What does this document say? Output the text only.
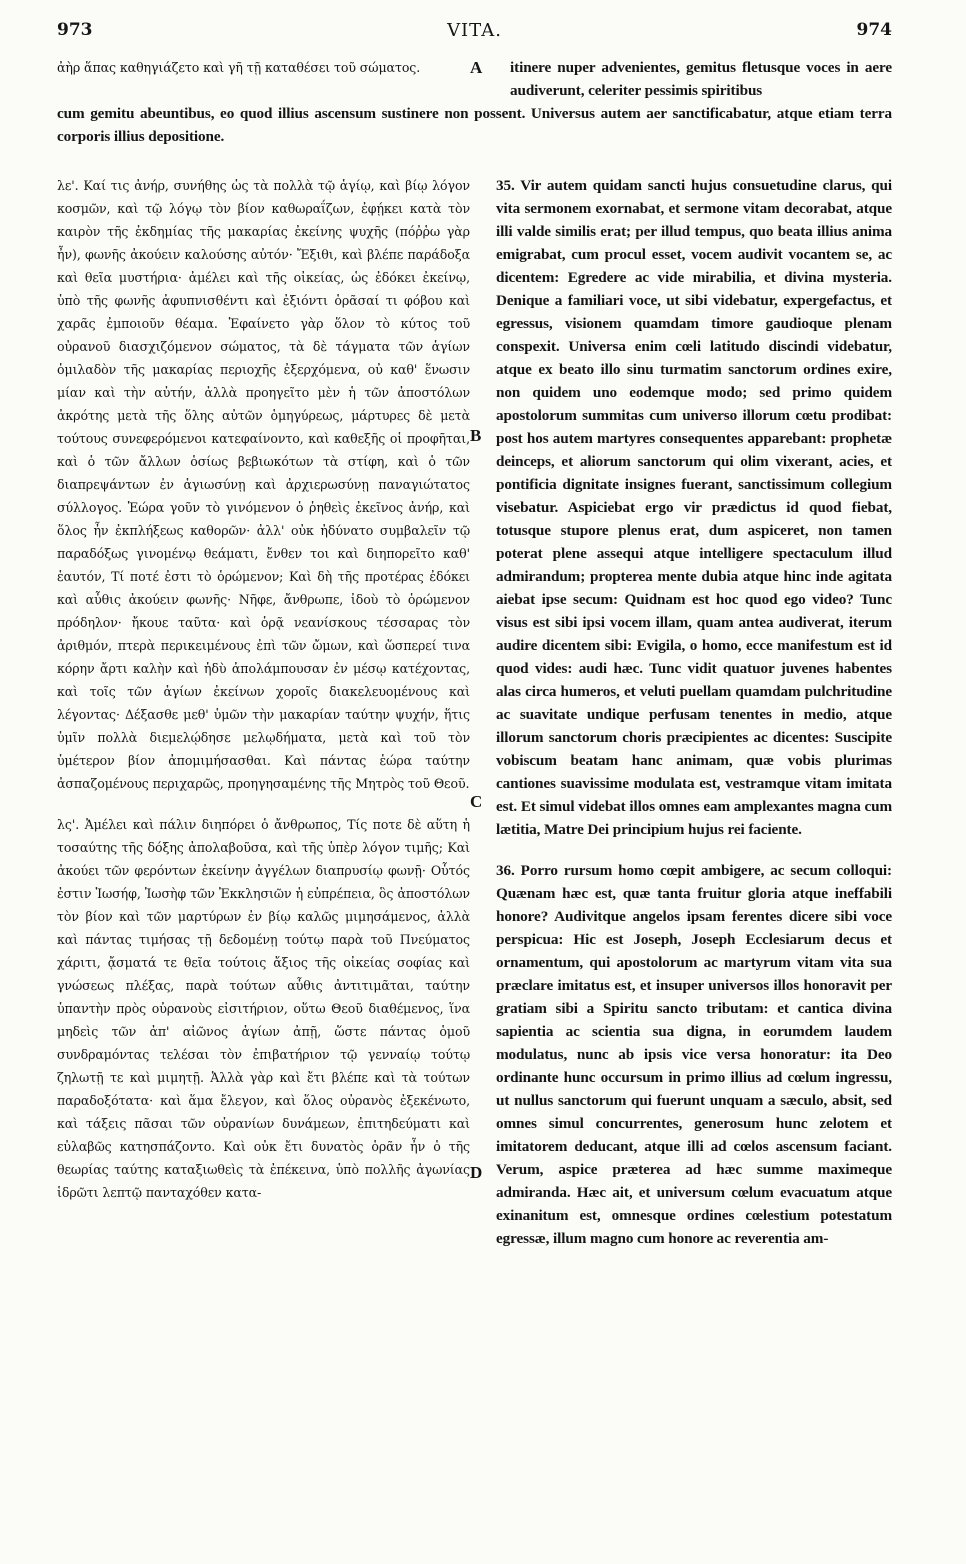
973	VITA.	974

ἀὴρ ἅπας καθηγιάζετο καὶ γῆ τῇ καταθέσει τοῦ σώματος.	A itinere nuper advenientes, gemitus fletusque voces in aere audiverunt, celeriter pessimis spiritibus

cum gemitu abeuntibus, eo quod illius ascensum sustinere non possent. Universus autem aer sanctificabatur, atque etiam terra corporis illius depositione.

λε'. Καί τις ἀνήρ, συνήθης ὡς τὰ πολλὰ τῷ ἁγίῳ, καὶ βίῳ λόγον κοσμῶν, καὶ τῷ λόγῳ τὸν βίον καθωραΐζων, ἐφῄκει κατὰ τὸν καιρὸν τῆς ἐκδημίας τῆς μακαρίας ἐκείνης ψυχῆς (πόῤῥω γὰρ ἦν), φωνῆς ἀκούειν καλούσης αὐτόν· Ἔξιθι, καὶ βλέπε παράδοξα καὶ θεῖα μυστήρια· ἀμέλει καὶ τῆς οἰκείας, ὡς ἐδόκει ἐκείνῳ, ὑπὸ τῆς φωνῆς ἀφυπνισθέντι καὶ ἐξιόντι ὁρᾶσαί τι φόβου καὶ χαρᾶς ἐμποιοῦν θέαμα. Ἐφαίνετο γὰρ ὅλον τὸ κύτος τοῦ οὐρανοῦ διασχιζόμενον σώματος, τὰ δὲ τάγματα τῶν ἁγίων ὁμιλαδὸν τῆς μακαρίας περιοχῆς ἐξερχόμενα, οὐ καθ' ἕνωσιν μίαν καὶ τὴν αὐτήν, ἀλλὰ προηγεῖτο μὲν ἡ τῶν ἀποστόλων ἀκρότης μετὰ τῆς ὅλης αὐτῶν ὁμηγύρεως, μάρτυρες δὲ μετὰ τούτους συνεφερόμενοι κατεφαίνοντο, καὶ καθεξῆς οἱ προφῆται, καὶ ὁ τῶν ἄλλων ὁσίως βεβιωκότων τὰ στίφη, καὶ ὁ τῶν διαπρεψάντων ἐν ἁγιωσύνῃ καὶ ἀρχιερωσύνῃ παναγιώτατος σύλλογος. Ἑώρα γοῦν τὸ γινόμενον ὁ ῥηθεὶς ἐκεῖνος ἀνήρ, καὶ ὅλος ἦν ἐκπλήξεως καθορῶν· ἀλλ' οὐκ ἠδύνατο συμβαλεῖν τῷ παραδόξως γινομένῳ θεάματι, ἔνθεν τοι καὶ διηπορεῖτο καθ' ἑαυτόν, Τί ποτέ ἐστι τὸ ὁρώμενον; Καὶ δὴ τῆς προτέρας ἐδόκει καὶ αὖθις ἀκούειν φωνῆς· Νῆφε, ἄνθρωπε, ἰδοὺ τὸ ὁρώμενον πρόδηλον· ἤκουε ταῦτα· καὶ ὁρᾷ νεανίσκους τέσσαρας τὸν ἀριθμόν, πτερὰ περικειμένους ἐπὶ τῶν ὤμων, καὶ ὥσπερεί τινα κόρην ἄρτι καλὴν καὶ ἡδὺ ἀπολάμπουσαν ἐν μέσῳ κατέχοντας, καὶ τοῖς τῶν ἁγίων ἐκείνων χοροῖς διακελευομένους καὶ λέγοντας· Δέξασθε μεθ' ὑμῶν τὴν μακαρίαν ταύτην ψυχήν, ἥτις ὑμῖν πολλὰ διεμελῴδησε μελῳδήματα, μετὰ καὶ τοῦ τὸν ὑμέτερον βίον ἀπομιμήσασθαι. Καὶ πάντας ἑώρα ταύτην ἀσπαζομένους περιχαρῶς, προηγησαμένης τῆς Μητρὸς τοῦ Θεοῦ.

λς'. Ἀμέλει καὶ πάλιν διηπόρει ὁ ἄνθρωπος, Τίς ποτε δὲ αὕτη ἡ τοσαύτης τῆς δόξης ἀπολαβοῦσα, καὶ τῆς ὑπὲρ λόγον τιμῆς; Καὶ ἀκούει τῶν φερόντων ἐκείνην ἀγγέλων διαπρυσίῳ φωνῇ· Οὗτός ἐστιν Ἰωσήφ, Ἰωσὴφ τῶν Ἐκκλησιῶν ἡ εὐπρέπεια, ὃς ἀποστόλων τὸν βίον καὶ τῶν μαρτύρων ἐν βίῳ καλῶς μιμησάμενος, ἀλλὰ καὶ πάντας τιμήσας τῇ δεδομένῃ τούτῳ παρὰ τοῦ Πνεύματος χάριτι, ᾄσματά τε θεῖα τούτοις ἄξιος τῆς οἰκείας σοφίας καὶ γνώσεως πλέξας, παρὰ τούτων αὖθις ἀντιτιμᾶται, ταύτην ὑπαντὴν πρὸς οὐρανοὺς εἰσιτήριον, οὕτω Θεοῦ διαθέμενος, ἵνα μηδεὶς τῶν ἀπ' αἰῶνος ἁγίων ἀπῇ, ὥστε πάντας ὁμοῦ συνδραμόντας τελέσαι τὸν ἐπιβατήριον τῷ γενναίῳ τούτῳ ζηλωτῇ τε καὶ μιμητῇ. Ἀλλὰ γὰρ καὶ ἔτι βλέπε καὶ τὰ τούτων παραδοξότατα· καὶ ἅμα ἔλεγον, καὶ ὅλος οὐρανὸς ἐξεκένωτο, καὶ τάξεις πᾶσαι τῶν οὐρανίων δυνάμεων, ἐπιτηδεύματι καὶ εὐλαβῶς κατησπάζοντο. Καὶ οὐκ ἔτι δυνατὸς ὁρᾶν ἦν ὁ τῆς θεωρίας ταύτης καταξιωθεὶς τὰ ἐπέκεινα, ὑπὸ πολλῆς ἀγωνίας ἱδρῶτι λεπτῷ πανταχόθεν κατα-

B
C
D

35. Vir autem quidam sancti hujus consuetudine clarus, qui vita sermonem exornabat, et sermone vitam decorabat, atque illi valde similis erat; per illud tempus, quo beata illius anima emigrabat, cum procul esset, vocem audivit vocantem se, ac dicentem: Egredere ac vide mirabilia, et divina mysteria. Denique a familiari voce, ut sibi videbatur, expergefactus, et egressus, visionem quamdam timore gaudioque plenam conspexit. Universa enim cœli latitudo discindi videbatur, atque ex beato illo sinu turmatim sanctorum ordines exire, non quidem uno eodemque modo; sed primo quidem apostolorum summitas cum universo illorum cœtu prodibat: post hos autem martyres consequentes apparebant: prophetæ deinceps, et aliorum sanctorum qui olim vixerant, acies, et pontificia dignitate insignes fuerant, sanctissimum collegium visebatur. Aspiciebat ergo vir prædictus id quod fiebat, totusque stupore plenus erat, dum aspiceret, non tamen poterat plene assequi atque intelligere spectaculum illud admirandum; propterea mente dubia atque hinc inde agitata aiebat ipse secum: Quidnam est hoc quod ego video? Tunc visus est sibi ipsi vocem illam, quam antea audiverat, iterum audire dicentem sibi: Evigila, o homo, ecce manifestum est id quod vides: audi hæc. Tunc vidit quatuor juvenes habentes alas circa humeros, et veluti puellam quamdam pulchritudine ac suavitate undique perfusam tenentes in medio, atque illorum sanctorum choris præcipientes ac dicentes: Suscipite vobiscum beatam hanc animam, quæ vobis plurimas cantiones suavissime modulata est, vestramque vitam imitata est. Et simul videbat illos omnes eam amplexantes magna cum lætitia, Matre Dei principium hujus rei faciente.

36. Porro rursum homo cœpit ambigere, ac secum colloqui: Quænam hæc est, quæ tanta fruitur gloria atque ineffabili honore? Audivitque angelos ipsam ferentes dicere sibi voce perspicua: Hic est Joseph, Joseph Ecclesiarum decus et ornamentum, qui apostolorum ac martyrum vitam vita sua præclare imitatus est, et insuper universos illos honoravit per gratiam sibi a Spiritu sancto tributam: et cantica divina sapientia ac scientia sua digna, in eorumdem laudem modulatus, nunc ab ipsis vice versa honoratur: ita Deo ordinante hunc occursum in primo illius ad cœlum ingressu, ut nullus sanctorum qui fuerunt unquam a sæculo, absit, sed omnes simul concurrentes, generosum hunc zelotem et imitatorem deducant, atque illi ad cœlos ascensum faciant. Verum, aspice præterea ad hæc summe maximeque admiranda. Hæc ait, et universum cœlum evacuatum atque exinanitum est, omnesque ordines cœlestium potestatum egressæ, illum magno cum honore ac reverentia am-
